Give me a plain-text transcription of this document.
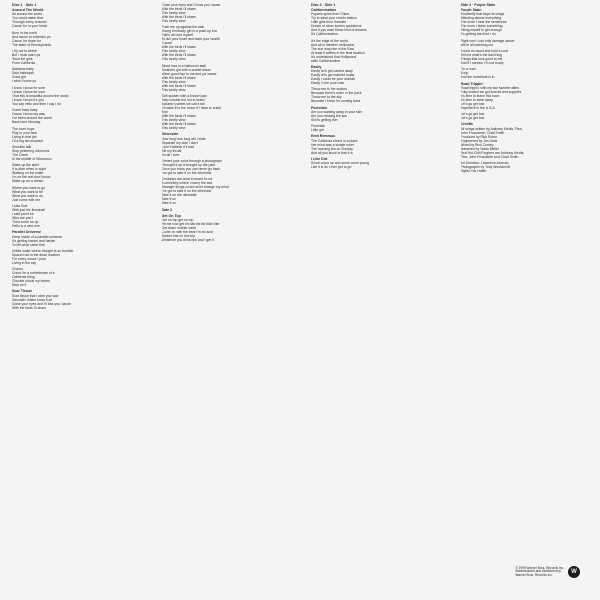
Disc 1 · Side 1
Around The World
All around the world
You could make time
Through every channel
Cause I'm in your heart
Born in the north
And sworn to entertain ya
Cause I'm down for
The state of Pennsylvania
I try not to whine
But I must warn ya
'Bout the girls
From California
Alabama baby
Said hallelujah
Good girl
I wish I knew ya
I know I know for sure
I know I know for sure
That this is beautiful around the world
I know I know it's you
You say hello and then I say I do
Come back baby
Cause I know my way
I've been around the world
Back here Monday
The lover boys
Play in your face
Living in that job
Of a big fat nuisance
Sensible talk
Stop pestering Johnsons
The Creek
In the middle of Wisconsin
Wake up the spirit
It is alive when in sight
Walking on the water
I'm on fire and don't know
Wake up on a dream
Where you want to go
What you want to be
What you want to do
Just come with me
I saw God
With just the Illuminati
I said you'd be
Who are you?
Then come on up
Hello is a new one
Parallel Universe
Deep inside of a parallel universe
It's getting harder and harder
To tell what came first
Unlike water where thought is so horrible
Spaced out in the dead reaches
For every ounce I pour
Living in the sky
Chorus
Christ I'm a confederate of a
California thing
Chuckie shook my bones
Step on it
Scar Tissue
Scar tissue that I wish you saw
Sarcastic mister know it all
Close your eyes and I'll kiss you 'cause
With the birds I'll share
Close your eyes and I'll kiss you 'cause
With the birds I'll share
This lonely view
With the birds I'll share
This lonely view
Push me up against the wall
Young Kentucky girl in a push-up bra
Fallin' all over myself
To lick your heart and taste your health
'Cause
With the birds I'll share
This lonely view
With the birds I'll share
This lonely view
Blood loss in a bathroom stall
Southern girl with a scarlet drawl
Wave good-bye to ma and pa 'cause
With the birds I'll share
This lonely view
With the birds I'll share
This lonely view
Soft spoken with a broken jaw
Step outside but not to brawl
Autumn's sweet we call it fall
I'll make it to the moon if I have to crawl
And
With the birds I'll share
This lonely view
With the birds I'll share
This lonely view
Otherside
How long how long will I slide
Separate my side I don't
I don't believe it's bad
Slit my throat
It's all I ever
I heard your voice through a photograph
I thought it up it brought up the past
Once you know you can never go back
I've got to take it on the otherside
Centuries are what it meant to me
A cemetery where I marry the sea
Stranger things could never change my mind
I've got to take it on the otherside
Take it on the otherside
Take it on
Take it on
Side 2
Get On Top
Get on top get on top
Hit me now get hit nail the fat bitch like
Get down mother earth
Come on with the beat I'm an acid
Bottom line on this trip
Whatever you think rips and I get it
Disc 2 · Side 1
Californication
Psychic spies from China
Try to steal your mind's elation
Little girls from Sweden
Dream of silver screen quotations
And if you want these kind of dreams
It's Californication
It's the edge of the world
And all of western civilization
The sun may rise in the East
At least it settles in the final location
It's understood that Hollywood
sells Californication
Easily
Easily let's get carried away
Easily let's get married today
Easily I could be your woman
Easily I'd be your man
Throw me to the wolves
Because there's order in the pack
Throw me to the sky
Because I know I'm coming back
Porcelain
Are you wasting away in your skin
Are you missing the sun
Skin's getting thin
Porcelain
Little girl
Emit Remmus
The California shrine is a place
Her mind was a simple rover
The morning tea on Sunday
And all you know is that it is
I Like Dirt
Some come up and some come young
Like it is as I ever get to go
Side 2 · Purple Stain
Purple Stain
A butterfly that flaps its wings
Affecting almost everything
The more I hear the sentences
The more I leave something
Killing myself to get enough
It's getting hard but I do
Right now I can only damage dance
We're all reaching out
Knock on wood and hold a cord
Tell me what's the last thing
Things that look good to me
And if I scream I'm not ready
I'm a road
A trip
And the heartbeat is in
Road Trippin'
Road trippin' with my two favorite allies
Fully loaded we got snacks and supplies
It's time to leave this town
It's time to steal away
Let's go get lost
Anywhere in the U.S.A.
Let's go get lost
Let's go get lost
Credits
All songs written by Anthony Kiedis, Flea,
John Frusciante, Chad Smith
Produced by Rick Rubin
Engineered by Jim Scott
Mixed by Rich Costey
Mastered by Vlado Meller
Red Hot Chili Peppers are Anthony Kiedis,
Flea, John Frusciante and Chad Smith
Art Direction: Lawrence Azerrad
Photographs by Tony Wooliscroft
Stylist: Nic Hoffer
© 1999 Warner Bros. Records Inc.
Manufactured and distributed by
Warner Bros. Records Inc.
W
